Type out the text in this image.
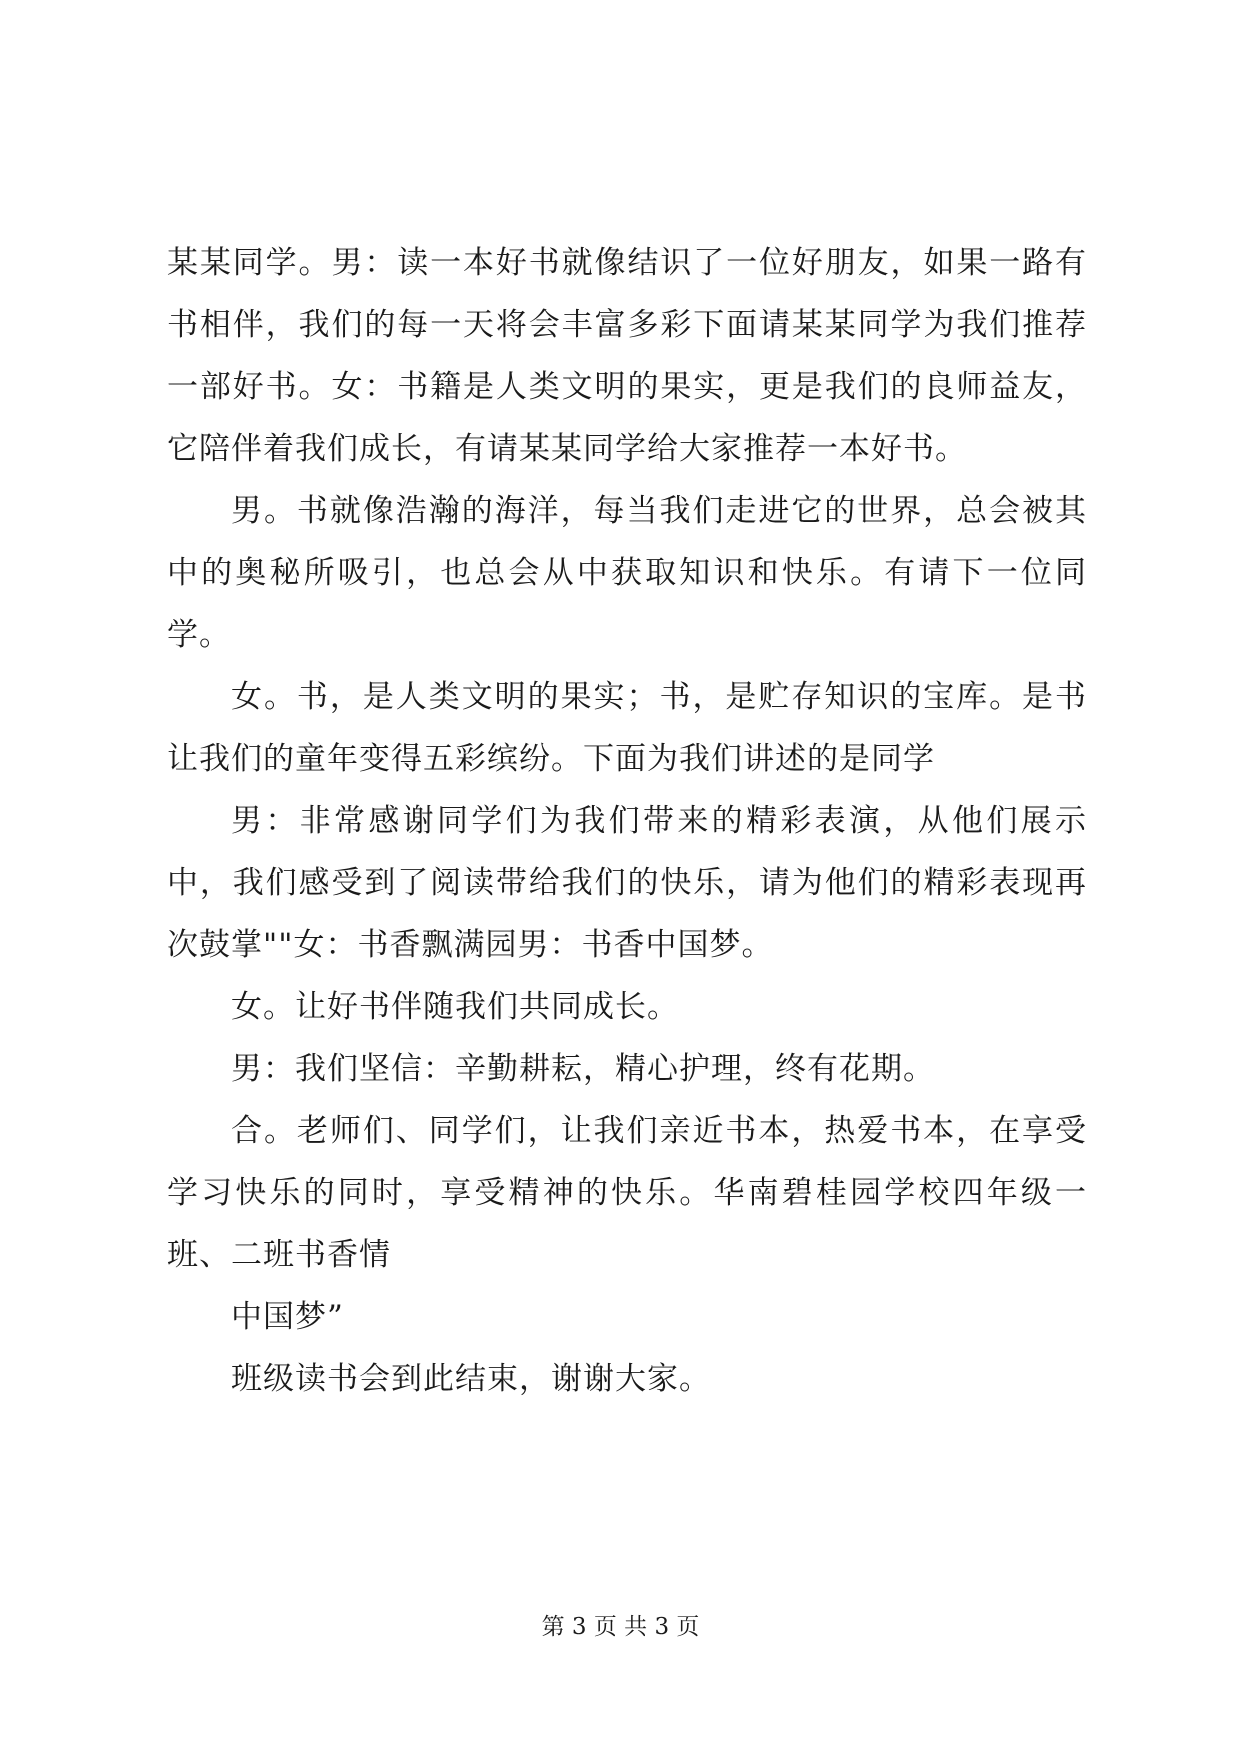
某某同学。男：读一本好书就像结识了一位好朋友，如果一路有书相伴，我们的每一天将会丰富多彩下面请某某同学为我们推荐一部好书。女：书籍是人类文明的果实，更是我们的良师益友，它陪伴着我们成长，有请某某同学给大家推荐一本好书。

男。书就像浩瀚的海洋，每当我们走进它的世界，总会被其中的奥秘所吸引，也总会从中获取知识和快乐。有请下一位同学。

女。书，是人类文明的果实；书，是贮存知识的宝库。是书让我们的童年变得五彩缤纷。下面为我们讲述的是同学

男：非常感谢同学们为我们带来的精彩表演，从他们展示中，我们感受到了阅读带给我们的快乐，请为他们的精彩表现再次鼓掌""女：书香飘满园男：书香中国梦。

女。让好书伴随我们共同成长。

男：我们坚信：辛勤耕耘，精心护理，终有花期。

合。老师们、同学们，让我们亲近书本，热爱书本，在享受学习快乐的同时，享受精神的快乐。华南碧桂园学校四年级一班、二班书香情

中国梦”

班级读书会到此结束，谢谢大家。

第 3 页 共 3 页
